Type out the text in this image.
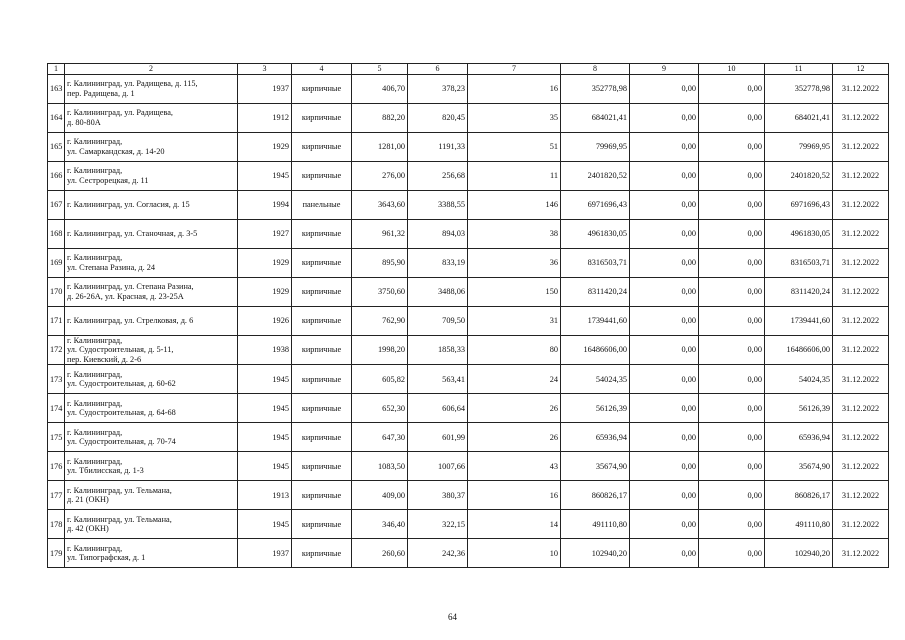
1	2	3	4	5	6	7	8	9	10	11	12
163	г. Калининград, ул. Радищева, д. 115,
пер. Радищева, д. 1	1937	кирпичные	406,70	378,23	16	352778,98	0,00	0,00	352778,98	31.12.2022
164	г. Калининград, ул. Радищева,
д. 80-80А	1912	кирпичные	882,20	820,45	35	684021,41	0,00	0,00	684021,41	31.12.2022
165	г. Калининград,
ул. Самаркандская, д. 14-20	1929	кирпичные	1281,00	1191,33	51	79969,95	0,00	0,00	79969,95	31.12.2022
166	г. Калининград,
ул. Сестрорецкая, д. 11	1945	кирпичные	276,00	256,68	11	2401820,52	0,00	0,00	2401820,52	31.12.2022
167	г. Калининград, ул. Согласия, д. 15	1994	панельные	3643,60	3388,55	146	6971696,43	0,00	0,00	6971696,43	31.12.2022
168	г. Калининград, ул. Станочная, д. 3-5	1927	кирпичные	961,32	894,03	38	4961830,05	0,00	0,00	4961830,05	31.12.2022
169	г. Калининград,
ул. Степана Разина, д. 24	1929	кирпичные	895,90	833,19	36	8316503,71	0,00	0,00	8316503,71	31.12.2022
170	г. Калининград, ул. Степана Разина,
д. 26-26А, ул. Красная, д. 23-25А	1929	кирпичные	3750,60	3488,06	150	8311420,24	0,00	0,00	8311420,24	31.12.2022
171	г. Калининград, ул. Стрелковая, д. 6	1926	кирпичные	762,90	709,50	31	1739441,60	0,00	0,00	1739441,60	31.12.2022
172	г. Калининград,
ул. Судостроительная, д. 5-11,
пер. Киевский, д. 2-6	1938	кирпичные	1998,20	1858,33	80	16486606,00	0,00	0,00	16486606,00	31.12.2022
173	г. Калининград,
ул. Судостроительная, д. 60-62	1945	кирпичные	605,82	563,41	24	54024,35	0,00	0,00	54024,35	31.12.2022
174	г. Калининград,
ул. Судостроительная, д. 64-68	1945	кирпичные	652,30	606,64	26	56126,39	0,00	0,00	56126,39	31.12.2022
175	г. Калининград,
ул. Судостроительная, д. 70-74	1945	кирпичные	647,30	601,99	26	65936,94	0,00	0,00	65936,94	31.12.2022
176	г. Калининград,
ул. Тбилисская, д. 1-3	1945	кирпичные	1083,50	1007,66	43	35674,90	0,00	0,00	35674,90	31.12.2022
177	г. Калининград, ул. Тельмана,
д. 21 (ОКН)	1913	кирпичные	409,00	380,37	16	860826,17	0,00	0,00	860826,17	31.12.2022
178	г. Калининград, ул. Тельмана,
д. 42 (ОКН)	1945	кирпичные	346,40	322,15	14	491110,80	0,00	0,00	491110,80	31.12.2022
179	г. Калининград,
ул. Типографская, д. 1	1937	кирпичные	260,60	242,36	10	102940,20	0,00	0,00	102940,20	31.12.2022
64
